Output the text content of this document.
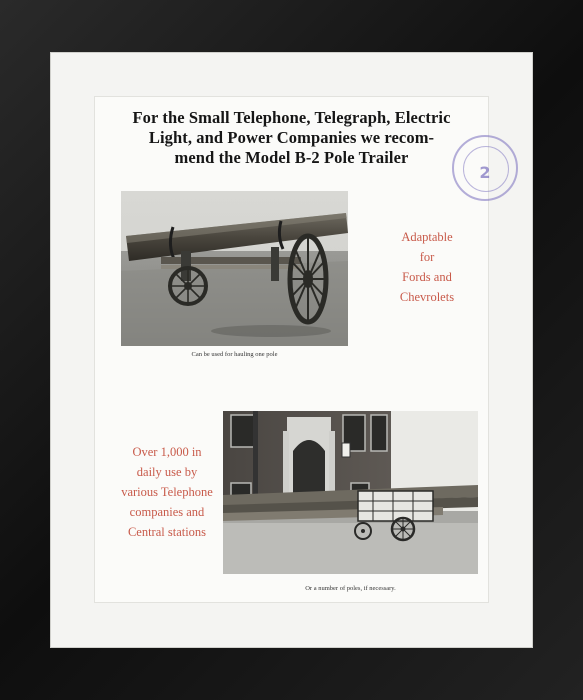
For the Small Telephone, Telegraph, Electric
Light, and Power Companies we recom-
mend the Model B-2 Pole Trailer
2
Can be used for hauling one pole
Adaptable
for
Fords and
Chevrolets
Over 1,000 in
daily use by
various Telephone
companies and
Central stations
Or a number of poles, if necessary.
